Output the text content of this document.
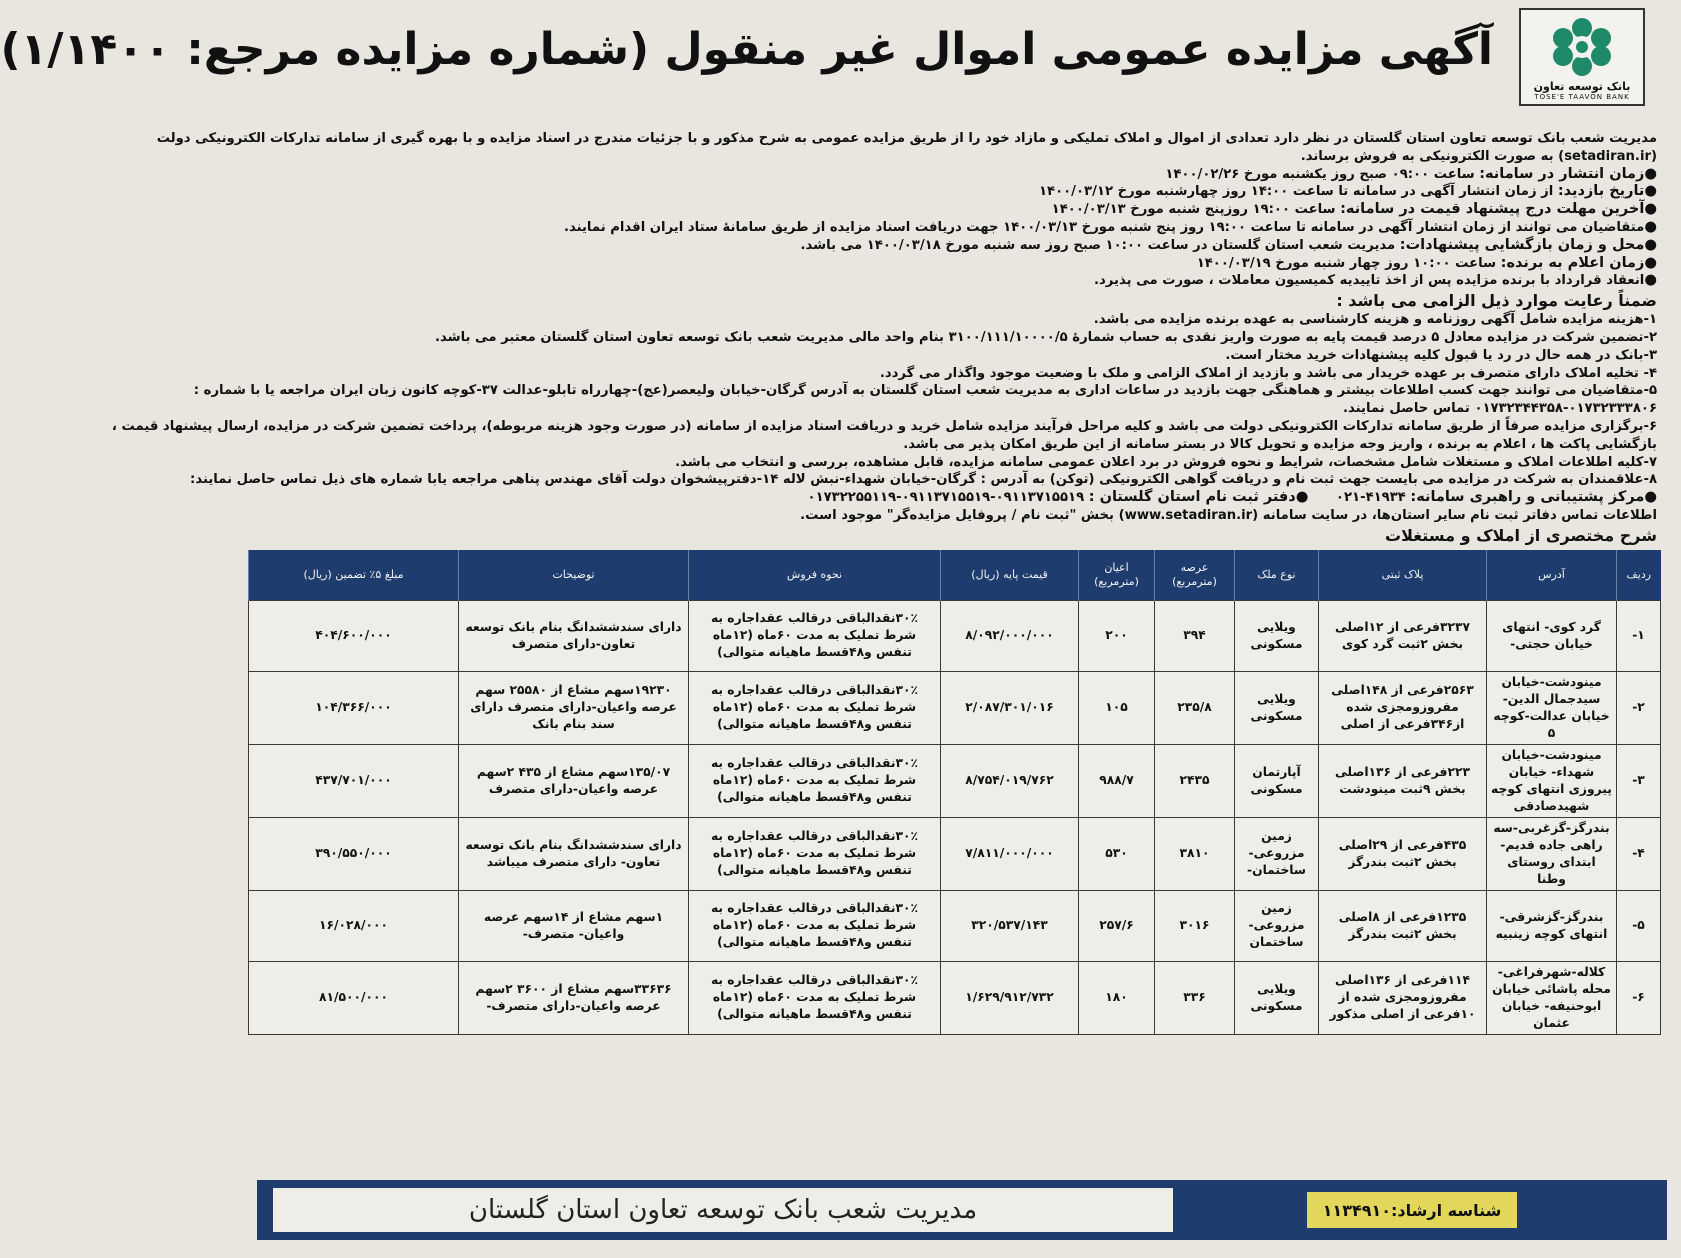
بانک توسعه تعاون
TOSE'E TAAVON BANK
آگهی مزایده عمومی اموال غیر منقول (شماره مزایده مرجع: ۱/۱۴۰۰)
مدیریت شعب بانک توسعه تعاون استان گلستان در نظر دارد تعدادی از اموال و املاک تملیکی و مازاد خود را از طریق مزایده عمومی به شرح مذکور و با جزئیات مندرج در اسناد مزایده و با بهره گیری از سامانه تدارکات الکترونیکی دولت
(setadiran.ir) به صورت الکترونیکی به فروش برساند.
●زمان انتشار در سامانه: ساعت ۰۹:۰۰ صبح روز یکشنبه مورخ ۱۴۰۰/۰۲/۲۶
●تاریخ بازدید: از زمان انتشار آگهی در سامانه تا ساعت ۱۴:۰۰ روز چهارشنبه مورخ ۱۴۰۰/۰۳/۱۲
●آخرین مهلت درج پیشنهاد قیمت در سامانه: ساعت ۱۹:۰۰ روزپنج شنبه مورخ ۱۴۰۰/۰۳/۱۳
●متقاضیان می توانند از زمان انتشار آگهی در سامانه تا ساعت ۱۹:۰۰ روز پنج شنبه مورخ ۱۴۰۰/۰۳/۱۳ جهت دریافت اسناد مزایده از طریق سامانهٔ ستاد ایران اقدام نمایند.
●محل و زمان بازگشایی پیشنهادات: مدیریت شعب استان گلستان در ساعت ۱۰:۰۰ صبح روز سه شنبه مورخ ۱۴۰۰/۰۳/۱۸ می باشد.
●زمان اعلام به برنده: ساعت ۱۰:۰۰ روز چهار شنبه مورخ ۱۴۰۰/۰۳/۱۹
●انعقاد قرارداد با برنده مزایده پس از اخذ تاییدیه کمیسیون معاملات ، صورت می پذیرد.
ضمناً رعایت موارد ذیل الزامی می باشد :
۱-هزینه مزایده شامل آگهی روزنامه و هزینه کارشناسی به عهده برنده مزایده می باشد.
۲-تضمین شرکت در مزایده معادل ۵ درصد قیمت پایه به صورت واریز نقدی به حساب شمارهٔ ۳۱۰۰/۱۱۱/۱۰۰۰۰/۵ بنام واحد مالی مدیریت شعب بانک توسعه تعاون استان گلستان معتبر می باشد.
۳-بانک در همه حال در رد یا قبول کلیه پیشنهادات خرید مختار است.
۴- تخلیه املاک دارای متصرف بر عهده خریدار می باشد و بازدید از املاک الزامی و ملک با وضعیت موجود واگذار می گردد.
۵-متقاضیان می توانند جهت کسب اطلاعات بیشتر و هماهنگی جهت بازدید در ساعات اداری به مدیریت شعب استان گلستان به آدرس گرگان-خیابان ولیعصر(عج)-چهارراه تابلو-عدالت ۳۷-کوچه کانون زبان ایران مراجعه یا با شماره :
۰۱۷۳۲۳۴۴۳۵۸-۰۱۷۳۲۳۳۳۸۰۶ تماس حاصل نمایند.
۶-برگزاری مزایده صرفاً از طریق سامانه تدارکات الکترونیکی دولت می باشد و کلیه مراحل فرآیند مزایده شامل خرید و دریافت اسناد مزایده از سامانه (در صورت وجود هزینه مربوطه)، پرداخت تضمین شرکت در مزایده، ارسال پیشنهاد قیمت ،
بازگشایی پاکت ها ، اعلام به برنده ، واریز وجه مزایده و تحویل کالا در بستر سامانه از این طریق امکان پذیر می باشد.
۷-کلیه اطلاعات املاک و مستغلات شامل مشخصات، شرایط و نحوه فروش در برد اعلان عمومی سامانه مزایده، قابل مشاهده، بررسی و انتخاب می باشد.
۸-علاقمندان به شرکت در مزایده می بایست جهت ثبت نام و دریافت گواهی الکترونیکی (توکن) به آدرس : گرگان-خیابان شهداء-نبش لاله ۱۴-دفترپیشخوان دولت آقای مهندس پناهی مراجعه یابا شماره های ذیل تماس حاصل نمایند:
●مرکز پشتیبانی و راهبری سامانه: ۴۱۹۳۴-۰۲۱      ●دفتر ثبت نام استان گلستان : ۰۹۱۱۳۷۱۵۵۱۹-۰۹۱۱۳۷۱۵۵۱۹-۰۱۷۳۲۲۵۵۱۱۹
اطلاعات تماس دفاتر ثبت نام سایر استان‌ها، در سایت سامانه (www.setadiran.ir) بخش "ثبت نام / پروفایل مزایده‌گر" موجود است.
شرح مختصری از املاک و مستغلات
ردیف	آدرس	پلاک ثبتی	نوع ملک	عرصه (مترمربع)	اعیان (مترمربع)	قیمت پایه (ریال)	نحوه فروش	توضیحات	مبلغ ۵٪ تضمین (ریال)
۱-	گرد کوی- انتهای خیابان حجتی-	۳۲۳۷فرعی از ۱۲اصلی بخش ۲ثبت گرد کوی	ویلایی مسکونی	۳۹۴	۲۰۰	۸/۰۹۲/۰۰۰/۰۰۰	۳۰٪نقدالباقی درقالب عقداجاره به شرط تملیک به مدت ۶۰ماه (۱۲ماه تنفس و۴۸قسط ماهیانه متوالی)	دارای سندششدانگ بنام بانک توسعه تعاون-دارای متصرف	۴۰۴/۶۰۰/۰۰۰
۲-	مینودشت-خیابان سیدجمال الدین- خیابان عدالت-کوچه ۵	۲۵۶۳فرعی از ۱۴۸اصلی مفروزومجزی شده از۳۴۶فرعی از اصلی	ویلایی مسکونی	۲۳۵/۸	۱۰۵	۲/۰۸۷/۳۰۱/۰۱۶	۳۰٪نقدالباقی درقالب عقداجاره به شرط تملیک به مدت ۶۰ماه (۱۲ماه تنفس و۴۸قسط ماهیانه متوالی)	۱۹۲۳۰سهم مشاع از ۲۵۵۸۰ سهم عرصه واعیان-دارای متصرف دارای سند بنام بانک	۱۰۴/۳۶۶/۰۰۰
۳-	مینودشت-خیابان شهداء- خیابان پیروزی انتهای کوچه شهیدصادقی	۲۲۳فرعی از ۱۳۶اصلی بخش ۹ثبت مینودشت	آپارتمان مسکونی	۲۴۳۵	۹۸۸/۷	۸/۷۵۴/۰۱۹/۷۶۲	۳۰٪نقدالباقی درقالب عقداجاره به شرط تملیک به مدت ۶۰ماه (۱۲ماه تنفس و۴۸قسط ماهیانه متوالی)	۱۳۵/۰۷سهم مشاع از ۴۳۵ ۲سهم عرصه واعیان-دارای متصرف	۴۳۷/۷۰۱/۰۰۰
۴-	بندرگز-گزغربی-سه راهی جاده قدیم-ابتدای روستای وطنا	۴۳۵فرعی از ۲۹اصلی بخش ۲ثبت بندرگز	زمین مزروعی- ساختمان-	۳۸۱۰	۵۳۰	۷/۸۱۱/۰۰۰/۰۰۰	۳۰٪نقدالباقی درقالب عقداجاره به شرط تملیک به مدت ۶۰ماه (۱۲ماه تنفس و۴۸قسط ماهیانه متوالی)	دارای سندششدانگ بنام بانک توسعه تعاون- دارای متصرف میباشد	۳۹۰/۵۵۰/۰۰۰
۵-	بندرگز-گزشرقی- انتهای کوچه زینبیه	۱۲۳۵فرعی از ۸اصلی بخش ۲ثبت بندرگز	زمین مزروعی- ساختمان	۳۰۱۶	۲۵۷/۶	۳۲۰/۵۳۷/۱۴۳	۳۰٪نقدالباقی درقالب عقداجاره به شرط تملیک به مدت ۶۰ماه (۱۲ماه تنفس و۴۸قسط ماهیانه متوالی)	۱سهم مشاع از ۱۴سهم عرصه واعیان- متصرف-	۱۶/۰۲۸/۰۰۰
۶-	کلاله-شهرفراغی- محله پاشائی خیابان ابوحنیفه- خیابان عثمان	۱۱۴فرعی از ۱۳۶اصلی مفروزومجزی شده از ۱۰فرعی از اصلی مذکور	ویلایی مسکونی	۳۳۶	۱۸۰	۱/۶۲۹/۹۱۲/۷۳۲	۳۰٪نقدالباقی درقالب عقداجاره به شرط تملیک به مدت ۶۰ماه (۱۲ماه تنفس و۴۸قسط ماهیانه متوالی)	۳۳۶۳۶سهم مشاع از ۳۶۰۰ ۲سهم عرصه واعیان-دارای متصرف-	۸۱/۵۰۰/۰۰۰
مدیریت شعب بانک توسعه تعاون استان گلستان	شناسه ارشاد:۱۱۳۴۹۱۰
